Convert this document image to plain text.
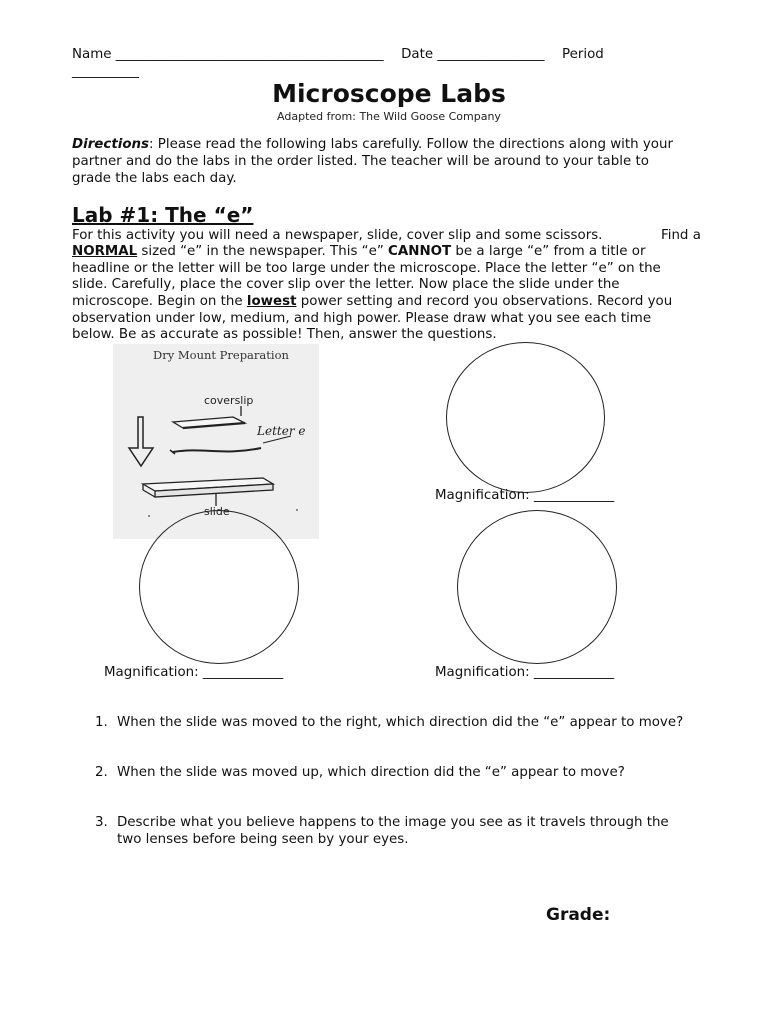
Name ________________________________________ Date ________________ Period
__________
Microscope Labs
Adapted from: The Wild Goose Company
Directions: Please read the following labs carefully. Follow the directions along with your
partner and do the labs in the order listed. The teacher will be around to your table to
grade the labs each day.
Lab #1: The “e”
For this activity you will need a newspaper, slide, cover slip and some scissors.	Find a
NORMAL sized “e” in the newspaper. This “e” CANNOT be a large “e” from a title or
headline or the letter will be too large under the microscope. Place the letter “e” on the
slide. Carefully, place the cover slip over the letter. Now place the slide under the
microscope. Begin on the lowest power setting and record you observations. Record you
observation under low, medium, and high power. Please draw what you see each time
below. Be as accurate as possible! Then, answer the questions.
Dry Mount Preparation
coverslip
Letter e
slide
Magnification: ____________
Magnification: ____________	Magnification: ____________
1. When the slide was moved to the right, which direction did the “e” appear to move?
2. When the slide was moved up, which direction did the “e” appear to move?
3. Describe what you believe happens to the image you see as it travels through the
two lenses before being seen by your eyes.
Grade:
